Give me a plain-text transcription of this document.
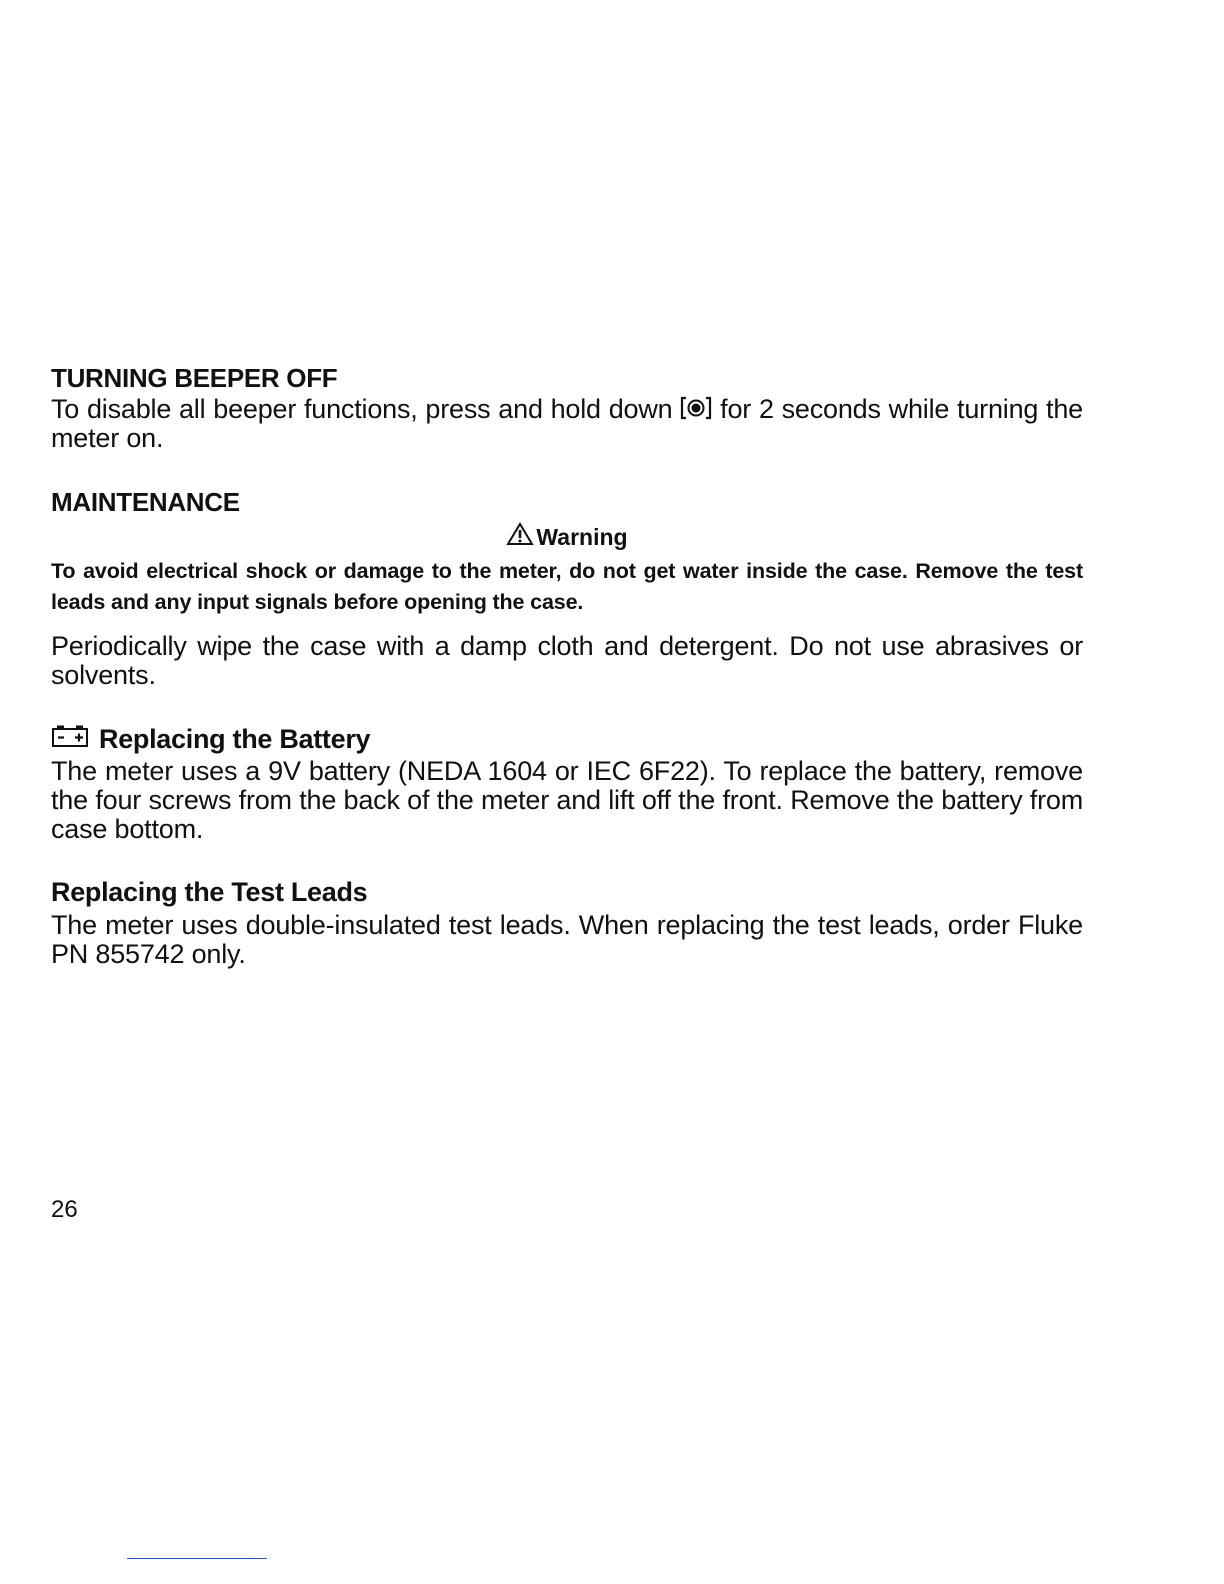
TURNING BEEPER OFF
To disable all beeper functions, press and hold down
for 2 seconds while turning the meter on.
MAINTENANCE
Warning
To avoid electrical shock or damage to the meter, do not get water inside the case. Remove the test leads and any input signals before opening the case.
Periodically wipe the case with a damp cloth and detergent. Do not use abrasives or solvents.
Replacing the Battery
The meter uses a 9V battery (NEDA 1604 or IEC 6F22). To replace the battery, remove the four screws from the back of the meter and lift off the front. Remove the battery from case bottom.
Replacing the Test Leads
The meter uses double-insulated test leads. When replacing the test leads, order Fluke PN 855742 only.
26
